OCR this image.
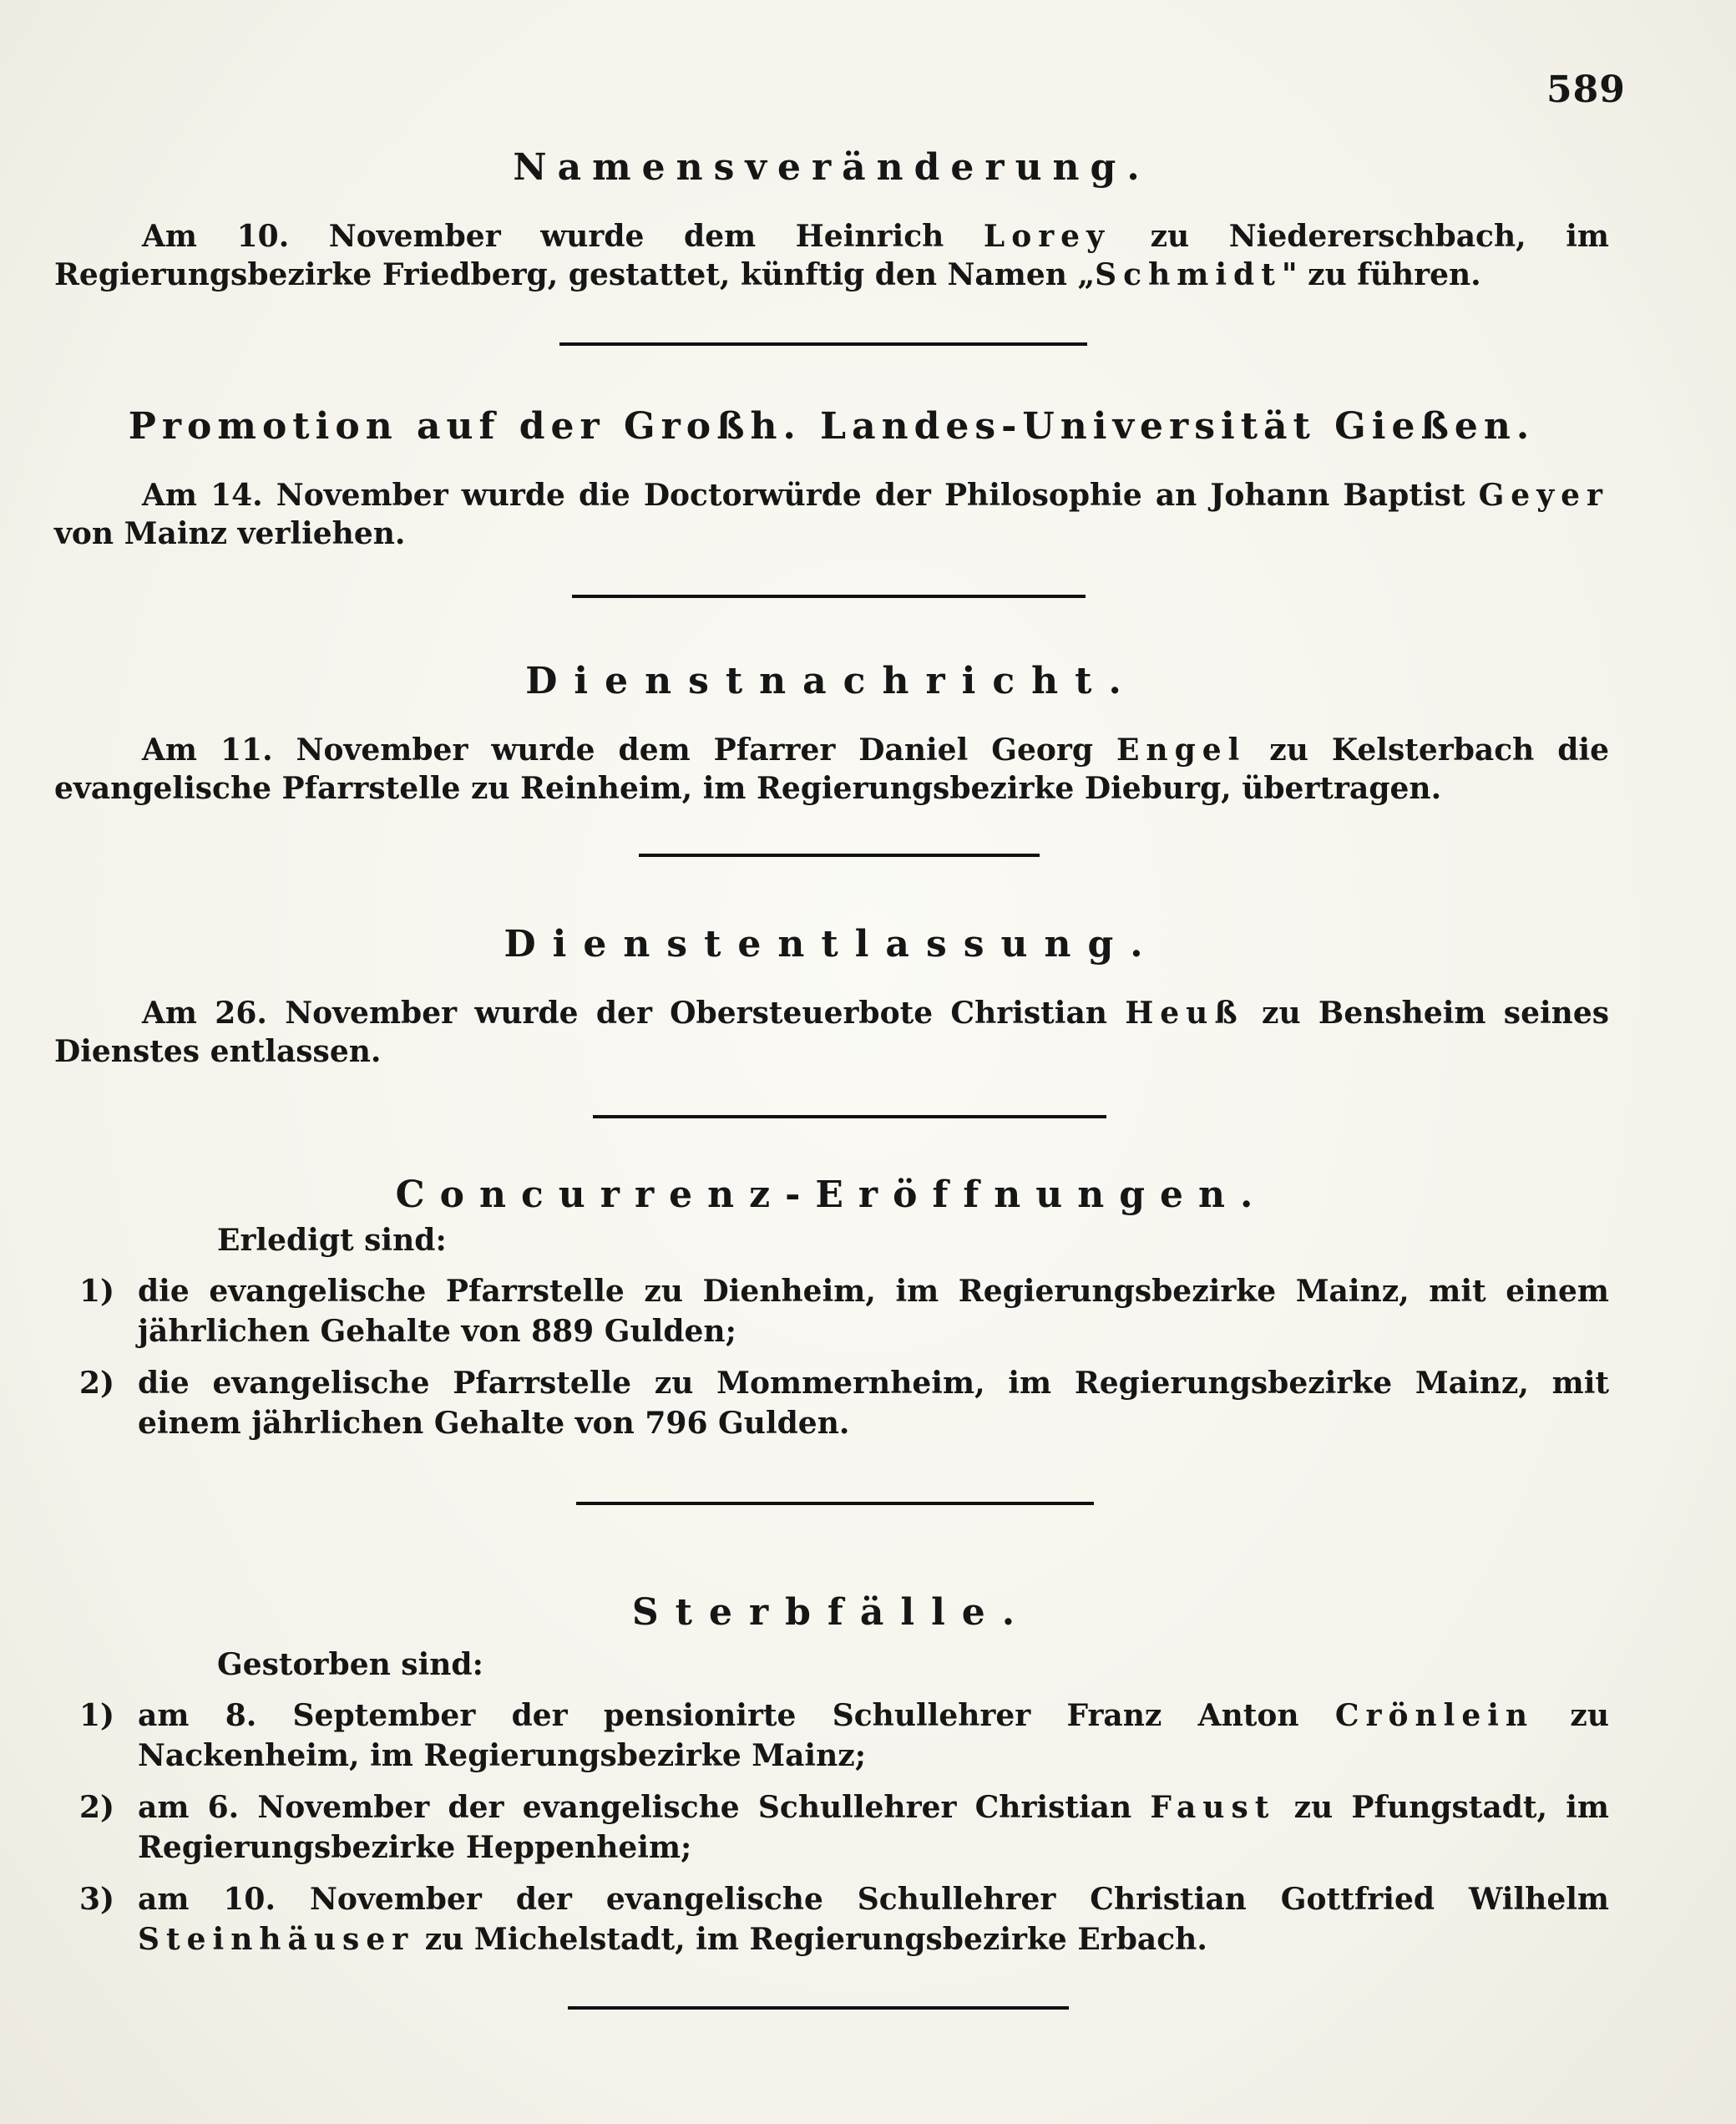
589

Namensveränderung.

Am 10. November wurde dem Heinrich Lorey zu Niedererschbach, im Regierungsbezirke Friedberg, gestattet, künftig den Namen „Schmidt" zu führen.

Promotion auf der Großh. Landes-Universität Gießen.

Am 14. November wurde die Doctorwürde der Philosophie an Johann Baptist Geyer von Mainz verliehen.

Dienstnachricht.

Am 11. November wurde dem Pfarrer Daniel Georg Engel zu Kelsterbach die evangelische Pfarrstelle zu Reinheim, im Regierungsbezirke Dieburg, übertragen.

Dienstentlassung.

Am 26. November wurde der Obersteuerbote Christian Heuß zu Bensheim seines Dienstes entlassen.

Concurrenz-Eröffnungen.

Erledigt sind:

1) die evangelische Pfarrstelle zu Dienheim, im Regierungsbezirke Mainz, mit einem jährlichen Gehalte von 889 Gulden;

2) die evangelische Pfarrstelle zu Mommernheim, im Regierungsbezirke Mainz, mit einem jährlichen Gehalte von 796 Gulden.

Sterbfälle.

Gestorben sind:

1) am 8. September der pensionirte Schullehrer Franz Anton Crönlein zu Nackenheim, im Regierungsbezirke Mainz;

2) am 6. November der evangelische Schullehrer Christian Faust zu Pfungstadt, im Regierungsbezirke Heppenheim;

3) am 10. November der evangelische Schullehrer Christian Gottfried Wilhelm Steinhäuser zu Michelstadt, im Regierungsbezirke Erbach.
